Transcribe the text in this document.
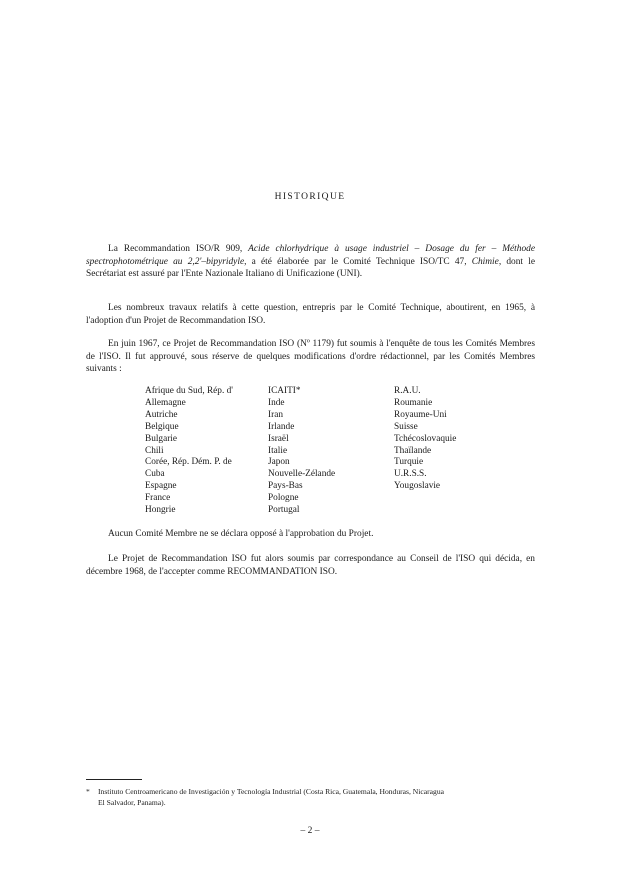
HISTORIQUE

La Recommandation ISO/R 909, Acide chlorhydrique à usage industriel – Dosage du fer – Méthode spectrophotométrique au 2,2'–bipyridyle, a été élaborée par le Comité Technique ISO/TC 47, Chimie, dont le Secrétariat est assuré par l'Ente Nazionale Italiano di Unificazione (UNI).

Les nombreux travaux relatifs à cette question, entrepris par le Comité Technique, aboutirent, en 1965, à l'adoption d'un Projet de Recommandation ISO.

En juin 1967, ce Projet de Recommandation ISO (Nº 1179) fut soumis à l'enquête de tous les Comités Membres de l'ISO. Il fut approuvé, sous réserve de quelques modifications d'ordre rédactionnel, par les Comités Membres suivants :

Afrique du Sud, Rép. d'
Allemagne
Autriche
Belgique
Bulgarie
Chili
Corée, Rép. Dém. P. de
Cuba
Espagne
France
Hongrie
ICAITI*
Inde
Iran
Irlande
Israël
Italie
Japon
Nouvelle-Zélande
Pays-Bas
Pologne
Portugal
R.A.U.
Roumanie
Royaume-Uni
Suisse
Tchécoslovaquie
Thaïlande
Turquie
U.R.S.S.
Yougoslavie

Aucun Comité Membre ne se déclara opposé à l'approbation du Projet.

Le Projet de Recommandation ISO fut alors soumis par correspondance au Conseil de l'ISO qui décida, en décembre 1968, de l'accepter comme RECOMMANDATION ISO.

* Instituto Centroamericano de Investigación y Tecnología Industrial (Costa Rica, Guatemala, Honduras, Nicaragua
El Salvador, Panama).

– 2 –
